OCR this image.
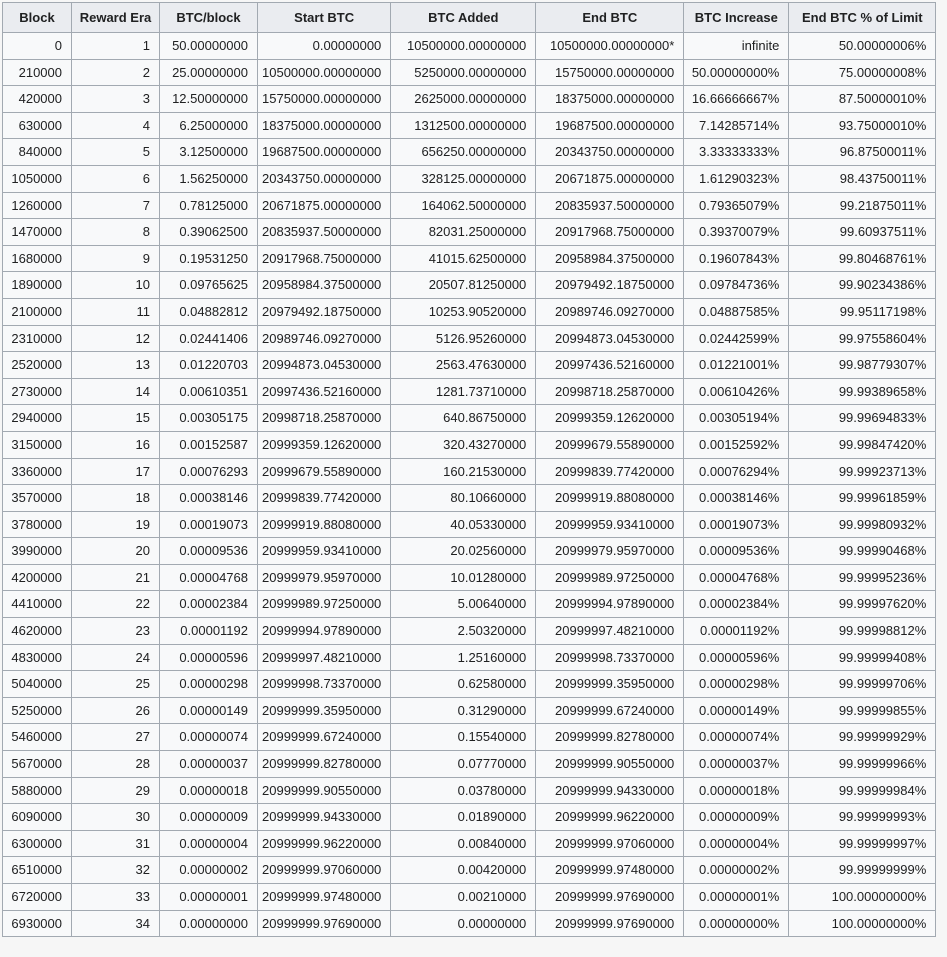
Block	Reward Era	BTC/block	Start BTC	BTC Added	End BTC	BTC Increase	End BTC % of Limit
0	1	50.00000000	0.00000000	10500000.00000000	10500000.00000000*	infinite	50.00000006%
210000	2	25.00000000	10500000.00000000	5250000.00000000	15750000.00000000	50.00000000%	75.00000008%
420000	3	12.50000000	15750000.00000000	2625000.00000000	18375000.00000000	16.66666667%	87.50000010%
630000	4	6.25000000	18375000.00000000	1312500.00000000	19687500.00000000	7.14285714%	93.75000010%
840000	5	3.12500000	19687500.00000000	656250.00000000	20343750.00000000	3.33333333%	96.87500011%
1050000	6	1.56250000	20343750.00000000	328125.00000000	20671875.00000000	1.61290323%	98.43750011%
1260000	7	0.78125000	20671875.00000000	164062.50000000	20835937.50000000	0.79365079%	99.21875011%
1470000	8	0.39062500	20835937.50000000	82031.25000000	20917968.75000000	0.39370079%	99.60937511%
1680000	9	0.19531250	20917968.75000000	41015.62500000	20958984.37500000	0.19607843%	99.80468761%
1890000	10	0.09765625	20958984.37500000	20507.81250000	20979492.18750000	0.09784736%	99.90234386%
2100000	11	0.04882812	20979492.18750000	10253.90520000	20989746.09270000	0.04887585%	99.95117198%
2310000	12	0.02441406	20989746.09270000	5126.95260000	20994873.04530000	0.02442599%	99.97558604%
2520000	13	0.01220703	20994873.04530000	2563.47630000	20997436.52160000	0.01221001%	99.98779307%
2730000	14	0.00610351	20997436.52160000	1281.73710000	20998718.25870000	0.00610426%	99.99389658%
2940000	15	0.00305175	20998718.25870000	640.86750000	20999359.12620000	0.00305194%	99.99694833%
3150000	16	0.00152587	20999359.12620000	320.43270000	20999679.55890000	0.00152592%	99.99847420%
3360000	17	0.00076293	20999679.55890000	160.21530000	20999839.77420000	0.00076294%	99.99923713%
3570000	18	0.00038146	20999839.77420000	80.10660000	20999919.88080000	0.00038146%	99.99961859%
3780000	19	0.00019073	20999919.88080000	40.05330000	20999959.93410000	0.00019073%	99.99980932%
3990000	20	0.00009536	20999959.93410000	20.02560000	20999979.95970000	0.00009536%	99.99990468%
4200000	21	0.00004768	20999979.95970000	10.01280000	20999989.97250000	0.00004768%	99.99995236%
4410000	22	0.00002384	20999989.97250000	5.00640000	20999994.97890000	0.00002384%	99.99997620%
4620000	23	0.00001192	20999994.97890000	2.50320000	20999997.48210000	0.00001192%	99.99998812%
4830000	24	0.00000596	20999997.48210000	1.25160000	20999998.73370000	0.00000596%	99.99999408%
5040000	25	0.00000298	20999998.73370000	0.62580000	20999999.35950000	0.00000298%	99.99999706%
5250000	26	0.00000149	20999999.35950000	0.31290000	20999999.67240000	0.00000149%	99.99999855%
5460000	27	0.00000074	20999999.67240000	0.15540000	20999999.82780000	0.00000074%	99.99999929%
5670000	28	0.00000037	20999999.82780000	0.07770000	20999999.90550000	0.00000037%	99.99999966%
5880000	29	0.00000018	20999999.90550000	0.03780000	20999999.94330000	0.00000018%	99.99999984%
6090000	30	0.00000009	20999999.94330000	0.01890000	20999999.96220000	0.00000009%	99.99999993%
6300000	31	0.00000004	20999999.96220000	0.00840000	20999999.97060000	0.00000004%	99.99999997%
6510000	32	0.00000002	20999999.97060000	0.00420000	20999999.97480000	0.00000002%	99.99999999%
6720000	33	0.00000001	20999999.97480000	0.00210000	20999999.97690000	0.00000001%	100.00000000%
6930000	34	0.00000000	20999999.97690000	0.00000000	20999999.97690000	0.00000000%	100.00000000%
